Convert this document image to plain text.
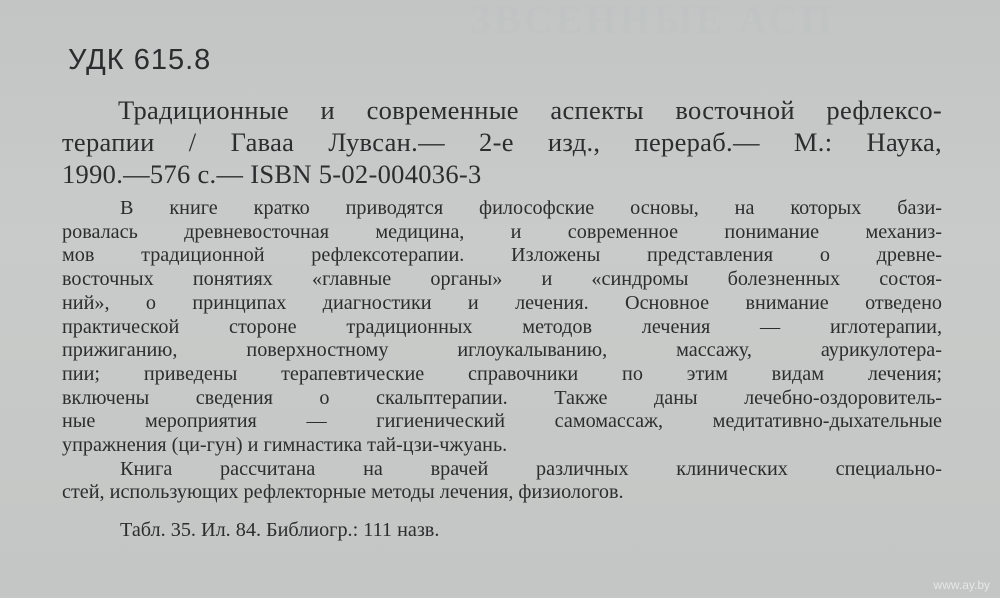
ЗВСЕННЫЕ АСП
УДК 615.8
Традиционные и современные аспекты восточной рефлексо-
терапии / Гаваа Лувсан.— 2-е изд., перераб.— М.: Наука,
1990.—576 с.— ISBN 5-02-004036-3
В книге кратко приводятся философские основы, на которых бази-
ровалась древневосточная медицина, и современное понимание механиз-
мов традиционной рефлексотерапии. Изложены представления о древне-
восточных понятиях «главные органы» и «синдромы болезненных состоя-
ний», о принципах диагностики и лечения. Основное внимание отведено
практической стороне традиционных методов лечения — иглотерапии,
прижиганию, поверхностному иглоукалыванию, массажу, аурикулотера-
пии; приведены терапевтические справочники по этим видам лечения;
включены сведения о скальптерапии. Также даны лечебно-оздоровитель-
ные мероприятия — гигиенический самомассаж, медитативно-дыхательные
упражнения (ци-гун) и гимнастика тай-цзи-чжуань.
Книга рассчитана на врачей различных клинических специально-
стей, использующих рефлекторные методы лечения, физиологов.
Табл. 35. Ил. 84. Библиогр.: 111 назв.
www.ay.by
